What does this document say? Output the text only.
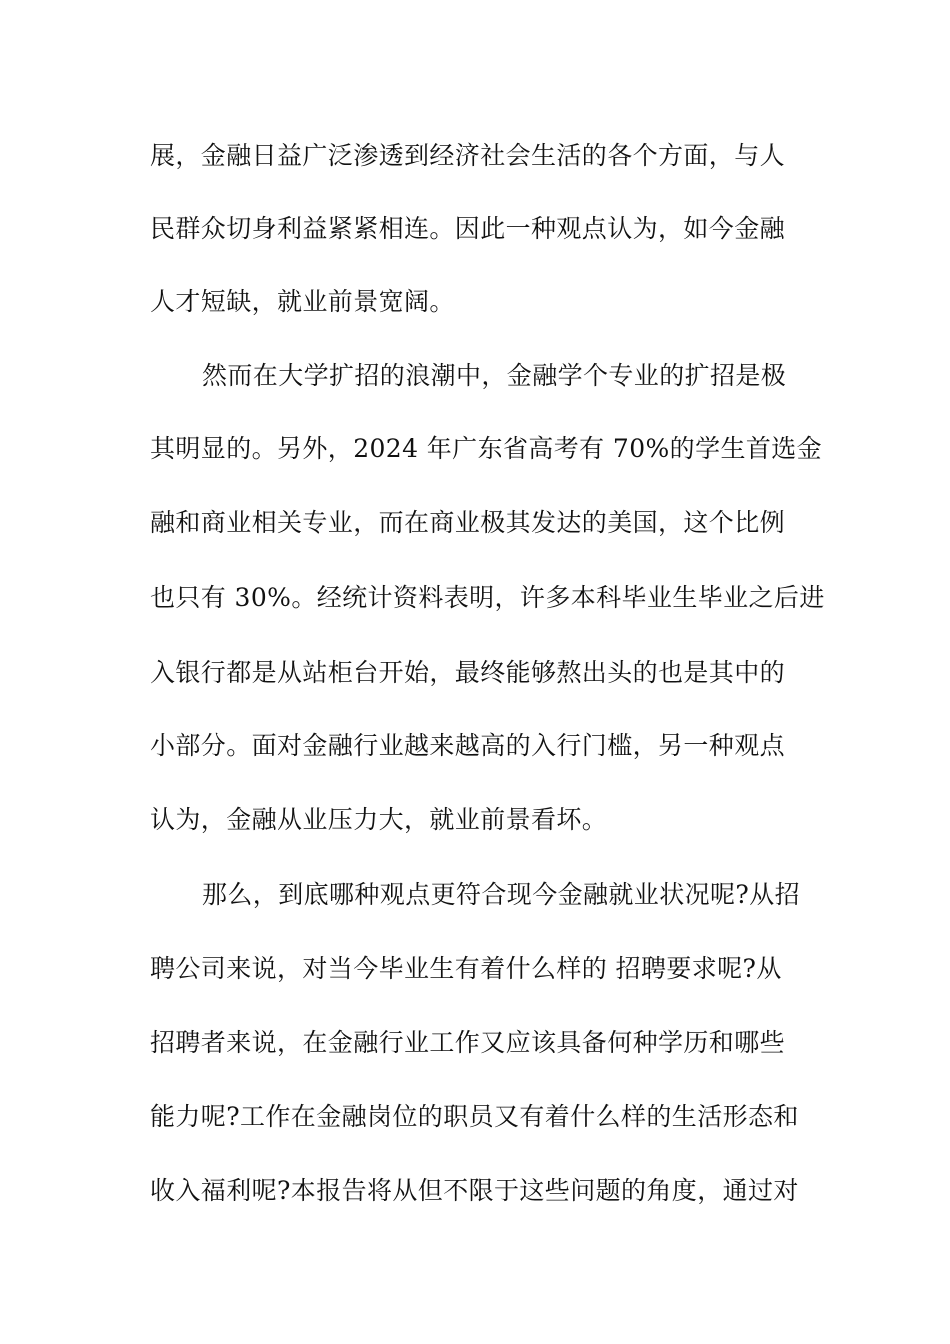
展，金融日益广泛渗透到经济社会生活的各个方面，与人
民群众切身利益紧紧相连。因此一种观点认为，如今金融
人才短缺，就业前景宽阔。
然而在大学扩招的浪潮中，金融学个专业的扩招是极
其明显的。另外，2024 年广东省高考有 70%的学生首选金
融和商业相关专业，而在商业极其发达的美国，这个比例
也只有 30%。经统计资料表明，许多本科毕业生毕业之后进
入银行都是从站柜台开始，最终能够熬出头的也是其中的
小部分。面对金融行业越来越高的入行门槛，另一种观点
认为，金融从业压力大，就业前景看坏。
那么，到底哪种观点更符合现今金融就业状况呢?从招
聘公司来说，对当今毕业生有着什么样的 招聘要求呢?从
招聘者来说，在金融行业工作又应该具备何种学历和哪些
能力呢?工作在金融岗位的职员又有着什么样的生活形态和
收入福利呢?本报告将从但不限于这些问题的角度，通过对
